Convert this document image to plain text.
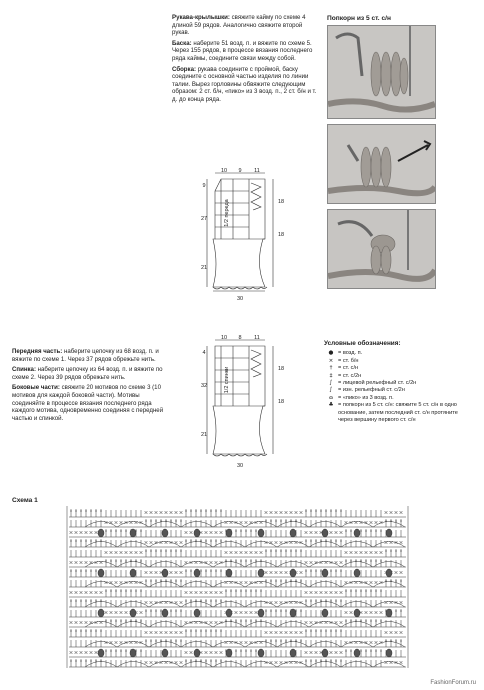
Рукава-крылышки: свяжите кайму по схеме 4 длиной 59 рядов. Аналогично свяжите второй рукав.

Баска: наберите 51 возд. п. и вяжите по схеме 5. Через 155 рядов, в процессе вязания последнего ряда каймы, соедините связи между собой.

Сборка: рукава соедините с проймой, баску соедините с основной частью изделия по линии талии. Вырез горловины обвяжите следующим образом: 2 ст. б/н, «пико» из 3 возд. п., 2 ст. б/н и т. д. до конца ряда.

Попкорн из 5 ст. с/н
10 9 11
9
27
21
18
18
30
1/2 переда
10 8 11
4
32
21
18
18
30
1/2 спинки

Передняя часть: наберите цепочку из 68 возд. п. и вяжите по схеме 1. Через 37 рядов обрежьте нить.

Спинка: наберите цепочку из 64 возд. п. и вяжите по схеме 2. Через 39 рядов обрежьте нить.

Боковые части: свяжите 20 мотивов по схеме 3 (10 мотивов для каждой боковой части). Мотивы соединяйте в процессе вязания последнего ряда каждого мотива, одновременно соединяя с передней частью и спинкой.

Условные обозначения:
● = возд. п.
× = ст. б/н
†	= ст. с/н
‡	= ст. с/2н
∫ = лицевой рельефный ст. с/2н
∫ = изн. рельефный ст. с/2н
ɷ = «пико» из 3 возд. п.
♣ = попкорн из 5 ст. с/н: свяжите 5 ст. с/н в одно основание, затем последний ст. с/н протяните через вершину первого ст. с/н
Схема 1
FashionForum.ru
